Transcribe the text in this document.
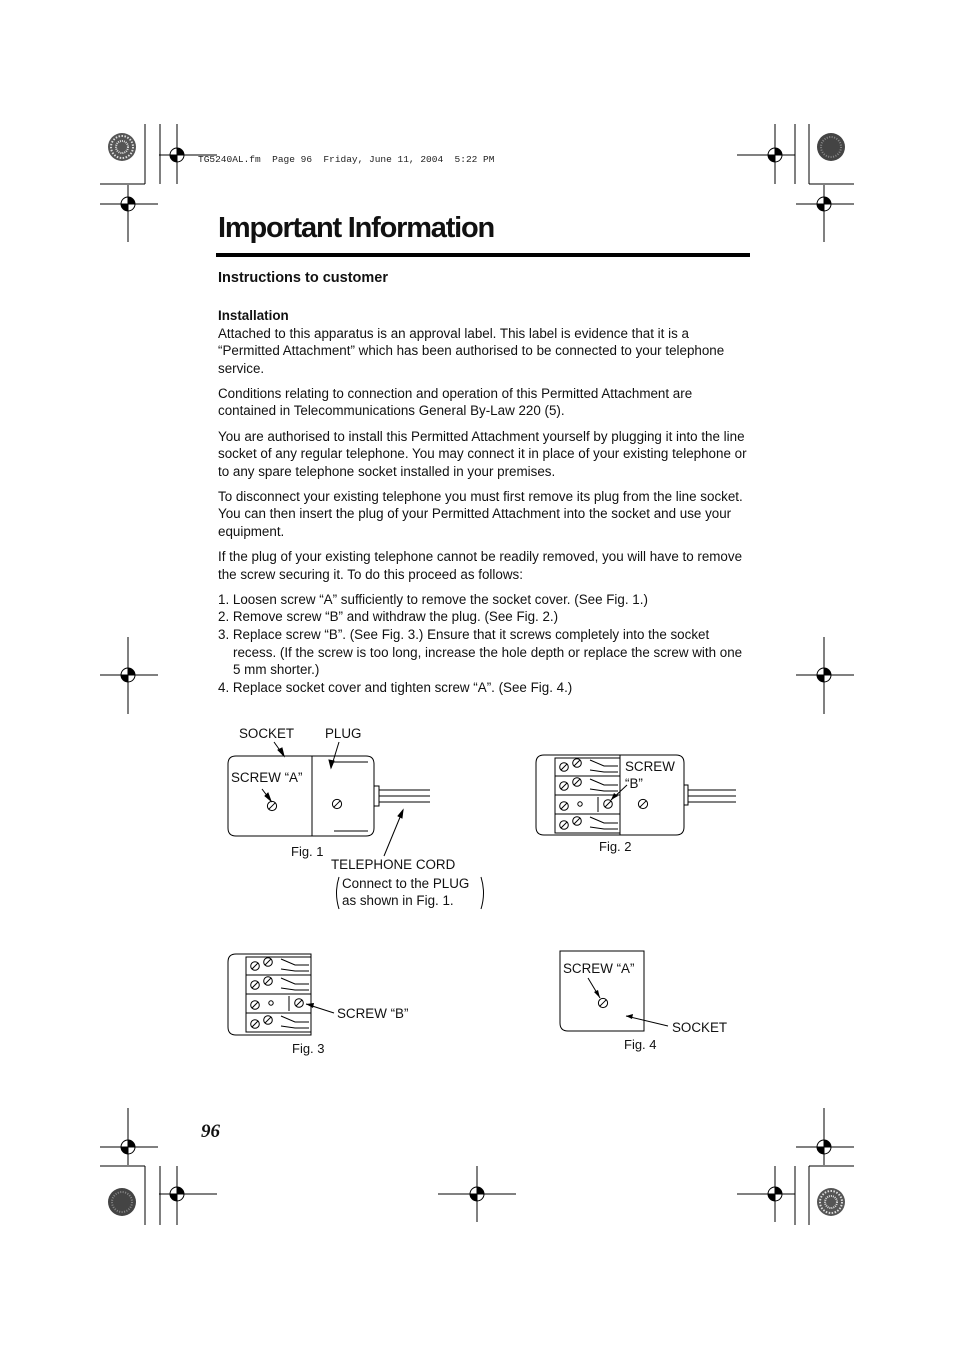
TG5240AL.fm  Page 96  Friday, June 11, 2004  5:22 PM
Important Information
Instructions to customer
Installation

Attached to this apparatus is an approval label. This label is evidence that it is a “Permitted Attachment” which has been authorised to be connected to your telephone service.

Conditions relating to connection and operation of this Permitted Attachment are contained in Telecommunications General By-Law 220 (5).

You are authorised to install this Permitted Attachment yourself by plugging it into the line socket of any regular telephone. You may connect it in place of your existing telephone or to any spare telephone socket installed in your premises.

To disconnect your existing telephone you must first remove its plug from the line socket. You can then insert the plug of your Permitted Attachment into the socket and use your equipment.

If the plug of your existing telephone cannot be readily removed, you will have to remove the screw securing it. To do this proceed as follows:

1. Loosen screw “A” sufficiently to remove the socket cover. (See Fig. 1.)
2. Remove screw “B” and withdraw the plug. (See Fig. 2.)
3. Replace screw “B”. (See Fig. 3.) Ensure that it screws completely into the socket recess. (If the screw is too long, increase the hole depth or replace the screw with one 5 mm shorter.)
4. Replace socket cover and tighten screw “A”. (See Fig. 4.)
SOCKET PLUG
SCREW “A”
Fig. 1
TELEPHONE CORD
Connect to the PLUG
as shown in Fig. 1.
SCREW
“B”
Fig. 2
SCREW “B”
Fig. 3
SCREW “A”
SOCKET
Fig. 4
96
